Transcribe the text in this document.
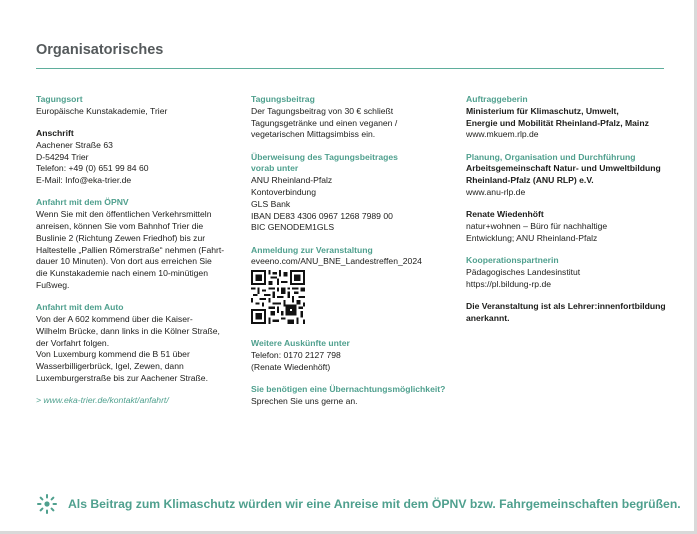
Organisatorisches
Tagungsort
Europäische Kunstakademie, Trier
Anschrift
Aachener Straße 63
D-54294 Trier
Telefon: +49 (0) 651 99 84 60
E-Mail: Info@eka-trier.de
Anfahrt mit dem ÖPNV
Wenn Sie mit den öffentlichen Verkehrsmitteln
anreisen, können Sie vom Bahnhof Trier die
Buslinie 2 (Richtung Zewen Friedhof) bis zur
Haltestelle „Pallien Römerstraße“ nehmen (Fahrt-
dauer 10 Minuten). Von dort aus erreichen Sie
die Kunstakademie nach einem 10-minütigen
Fußweg.
Anfahrt mit dem Auto
Von der A 602 kommend über die Kaiser-
Wilhelm Brücke, dann links in die Kölner Straße,
der Vorfahrt folgen.
Von Luxemburg kommend die B 51 über
Wasserbilligerbrück, Igel, Zewen, dann
Luxemburgerstraße bis zur Aachener Straße.
> www.eka-trier.de/kontakt/anfahrt/
Tagungsbeitrag
Der Tagungsbeitrag von 30 € schließt
Tagungsgetränke und einen veganen /
vegetarischen Mittagsimbiss ein.
Überweisung des Tagungsbeitrages
vorab unter
ANU Rheinland-Pfalz
Kontoverbindung
GLS Bank
IBAN DE83 4306 0967 1268 7989 00
BIC GENODEM1GLS
Anmeldung zur Veranstaltung
eveeno.com/ANU_BNE_Landestreffen_2024
Weitere Auskünfte unter
Telefon: 0170 2127 798
(Renate Wiedenhöft)
Sie benötigen eine Übernachtungsmöglichkeit?
Sprechen Sie uns gerne an.
Auftraggeberin
Ministerium für Klimaschutz, Umwelt,
Energie und Mobilität Rheinland-Pfalz, Mainz
www.mkuem.rlp.de
Planung, Organisation und Durchführung
Arbeitsgemeinschaft Natur- und Umweltbildung
Rheinland-Pfalz (ANU RLP) e.V.
www.anu-rlp.de
Renate Wiedenhöft
natur+wohnen – Büro für nachhaltige
Entwicklung; ANU Rheinland-Pfalz
Kooperationspartnerin
Pädagogisches Landesinstitut
https://pl.bildung-rp.de
Die Veranstaltung ist als Lehrer:innenfortbildung
anerkannt.
Als Beitrag zum Klimaschutz würden wir eine Anreise mit dem ÖPNV bzw. Fahrgemeinschaften begrüßen.
